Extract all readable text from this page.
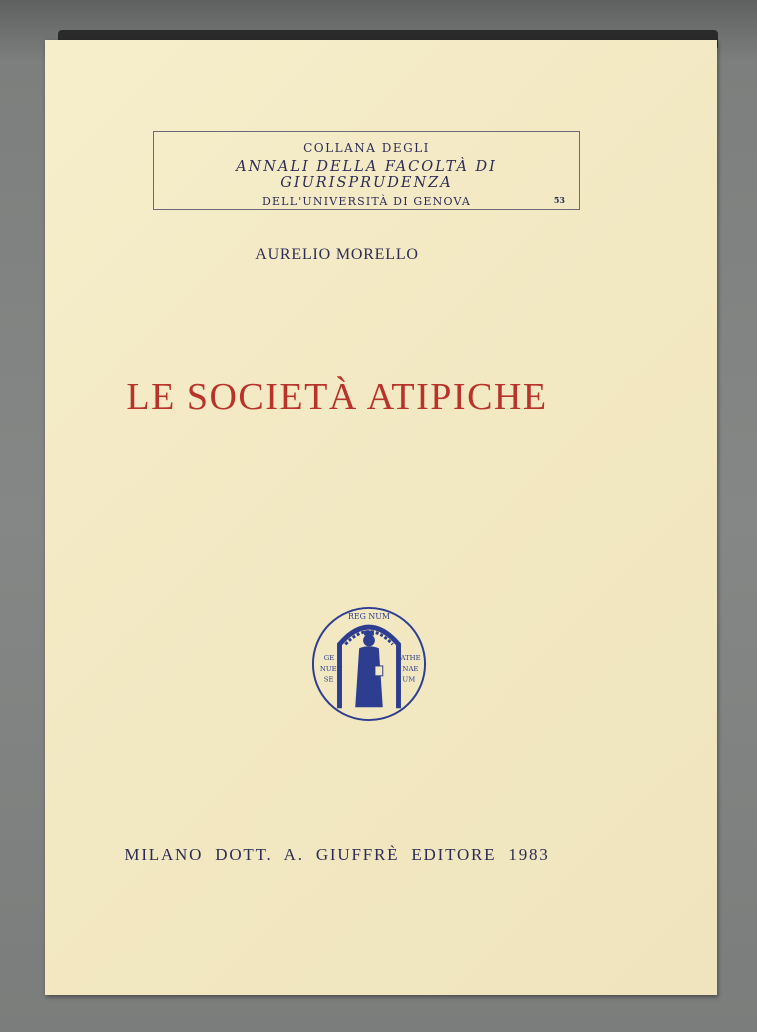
COLLANA DEGLI
ANNALI DELLA FACOLTÀ DI GIURISPRUDENZA
DELL'UNIVERSITÀ DI GENOVA	53
AURELIO MORELLO
LE SOCIETÀ ATIPICHE
REG NUM
GE
NUEN
SE
ATHE
NAE
UM
MILANO DOTT. A. GIUFFRÈ EDITORE 1983
